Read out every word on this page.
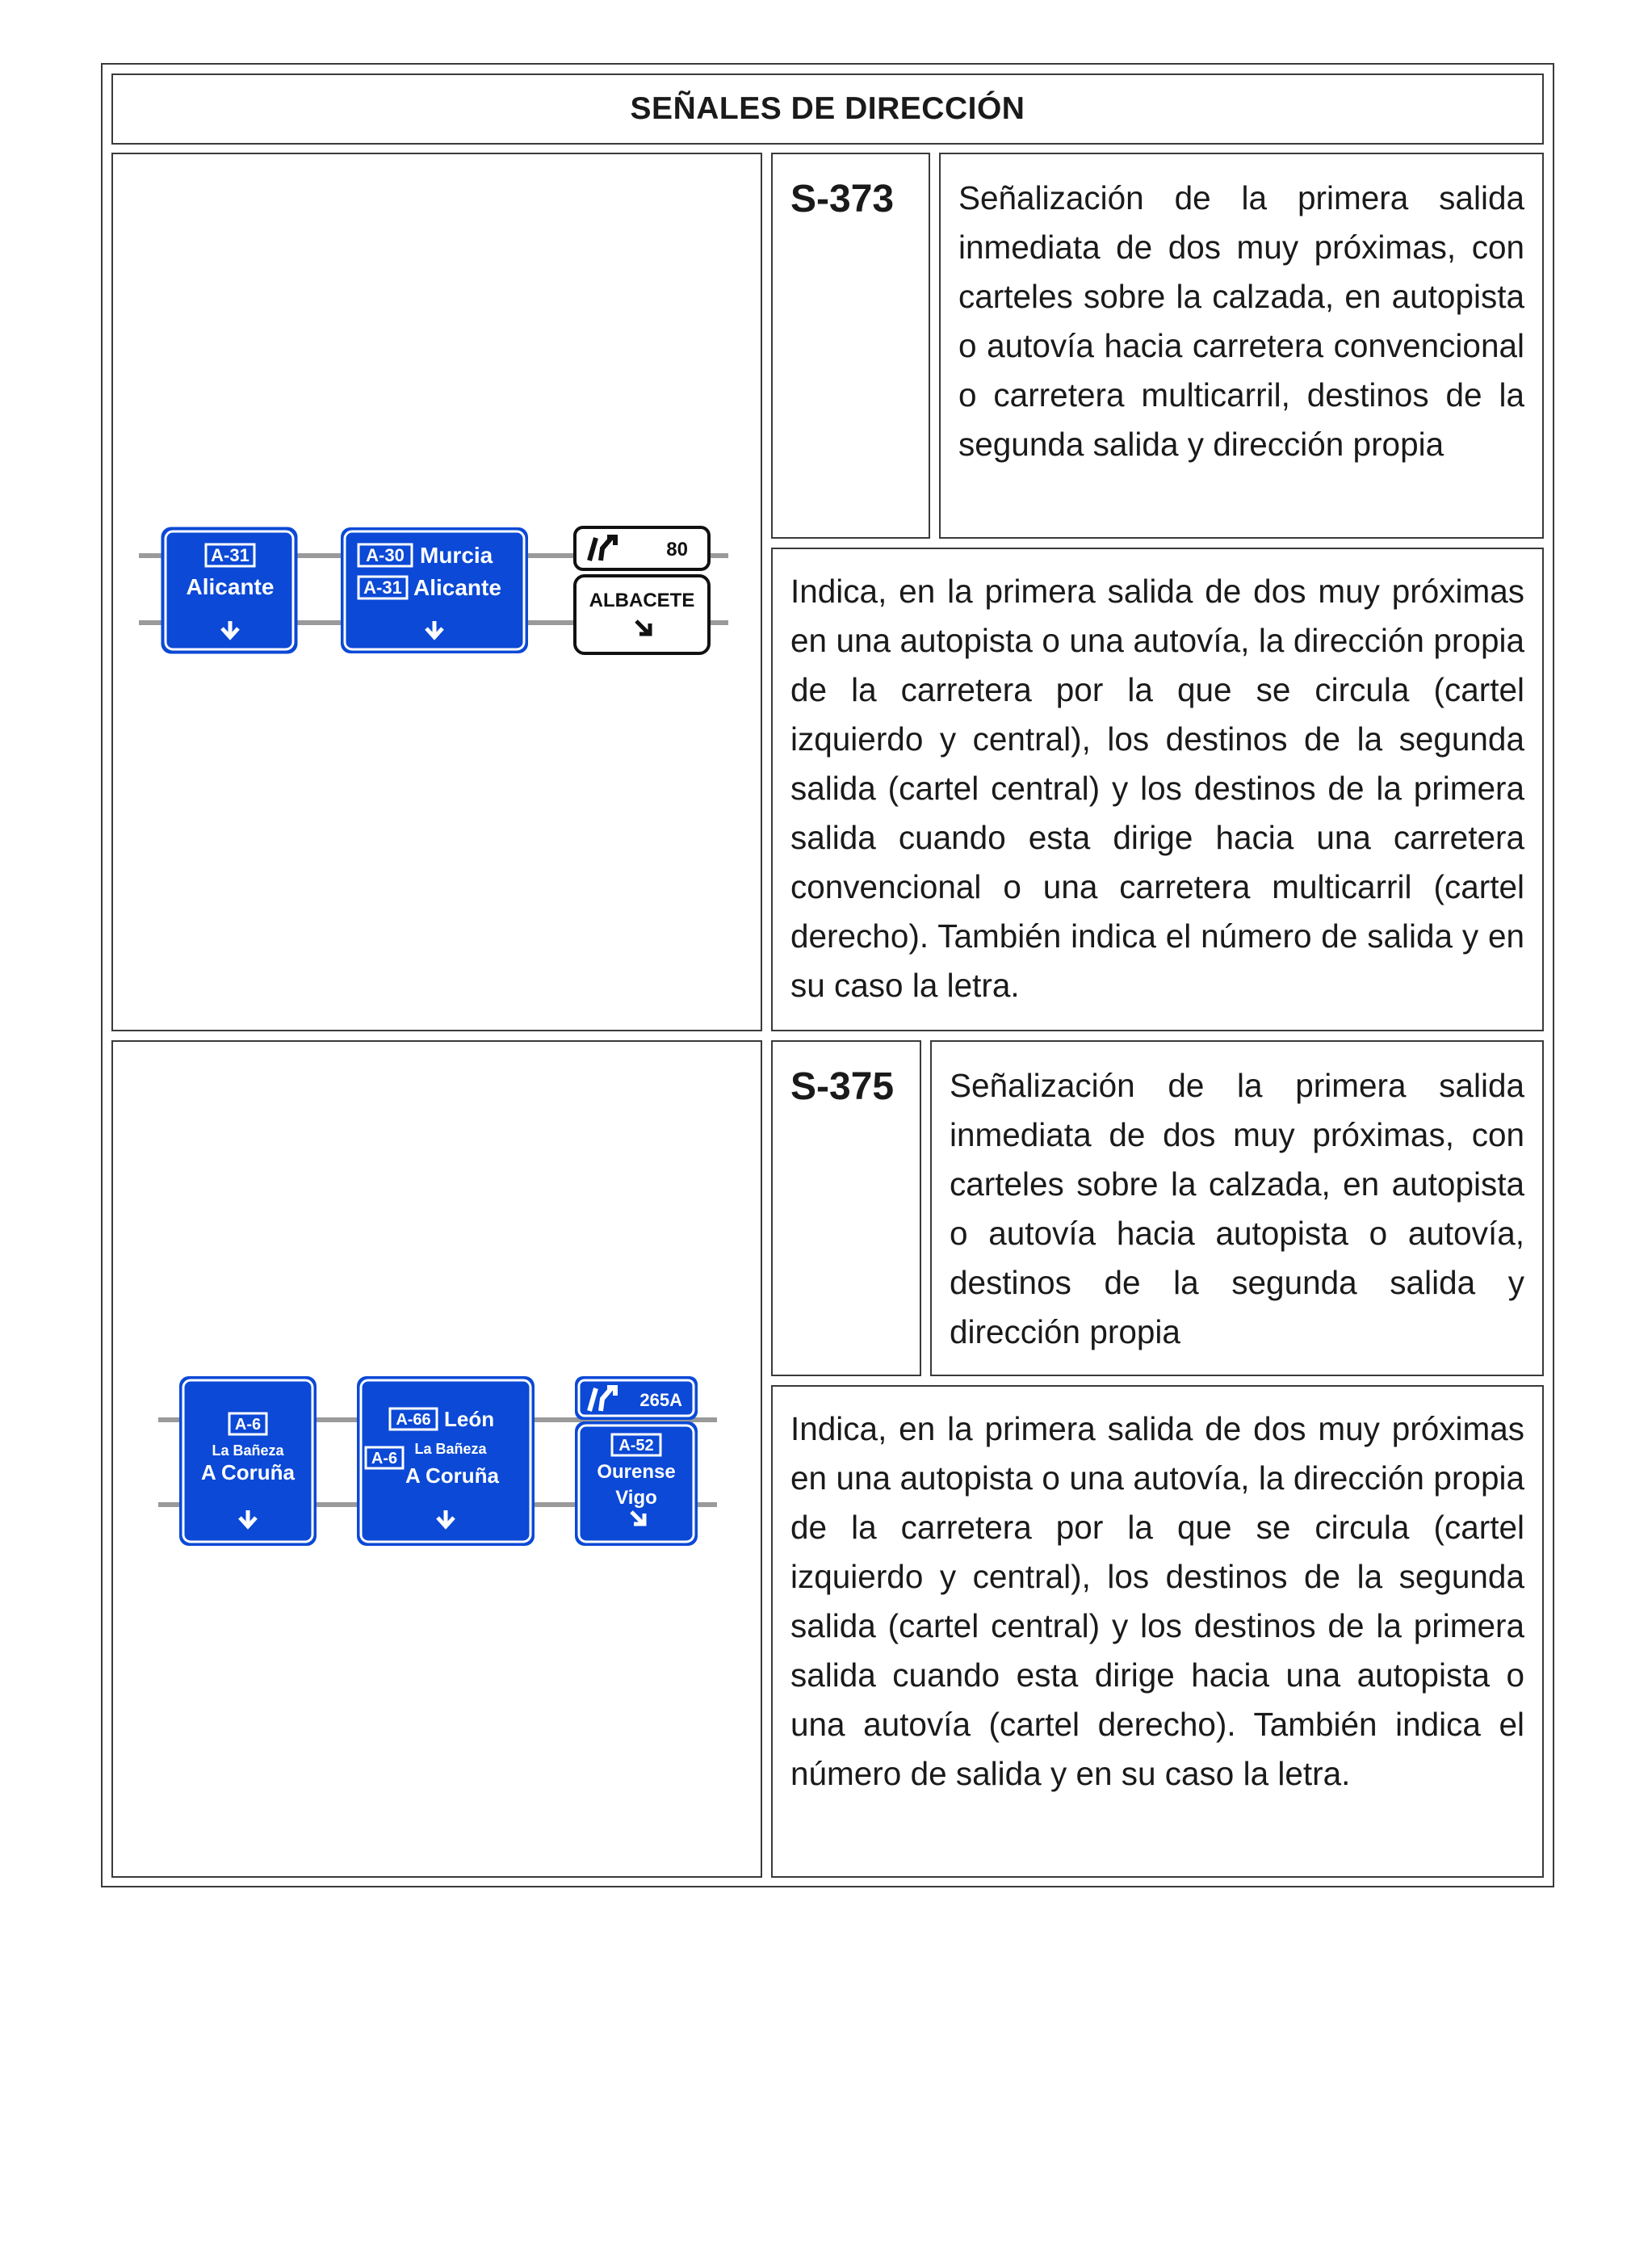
SEÑALES DE DIRECCIÓN
A-31
Alicante
A-30 Murcia
A-31 Alicante
80
ALBACETE
S-373	Señalización de la primera salida inmediata de dos muy próximas, con carteles sobre la calzada, en autopista o autovía hacia carretera convencional o carretera multicarril, destinos de la segunda salida y dirección propia
Indica, en la primera salida de dos muy próximas en una autopista o una autovía, la dirección propia de la carretera por la que se circula (cartel izquierdo y central), los destinos de la segunda salida (cartel central) y los destinos de la primera salida cuando esta dirige hacia una carretera convencional o una carretera multicarril (cartel derecho). También indica el número de salida y en su caso la letra.
A-6
La Bañeza
A Coruña
A-66 León
A-6
La Bañeza
A Coruña
265A
A-52
Ourense
Vigo
S-375	Señalización de la primera salida inmediata de dos muy próximas, con carteles sobre la calzada, en autopista o autovía hacia autopista o autovía, destinos de la segunda salida y dirección propia
Indica, en la primera salida de dos muy próximas en una autopista o una autovía, la dirección propia de la carretera por la que se circula (cartel izquierdo y central), los destinos de la segunda salida (cartel central) y los destinos de la primera salida cuando esta dirige hacia una autopista o una autovía (cartel derecho). También indica el número de salida y en su caso la letra.
